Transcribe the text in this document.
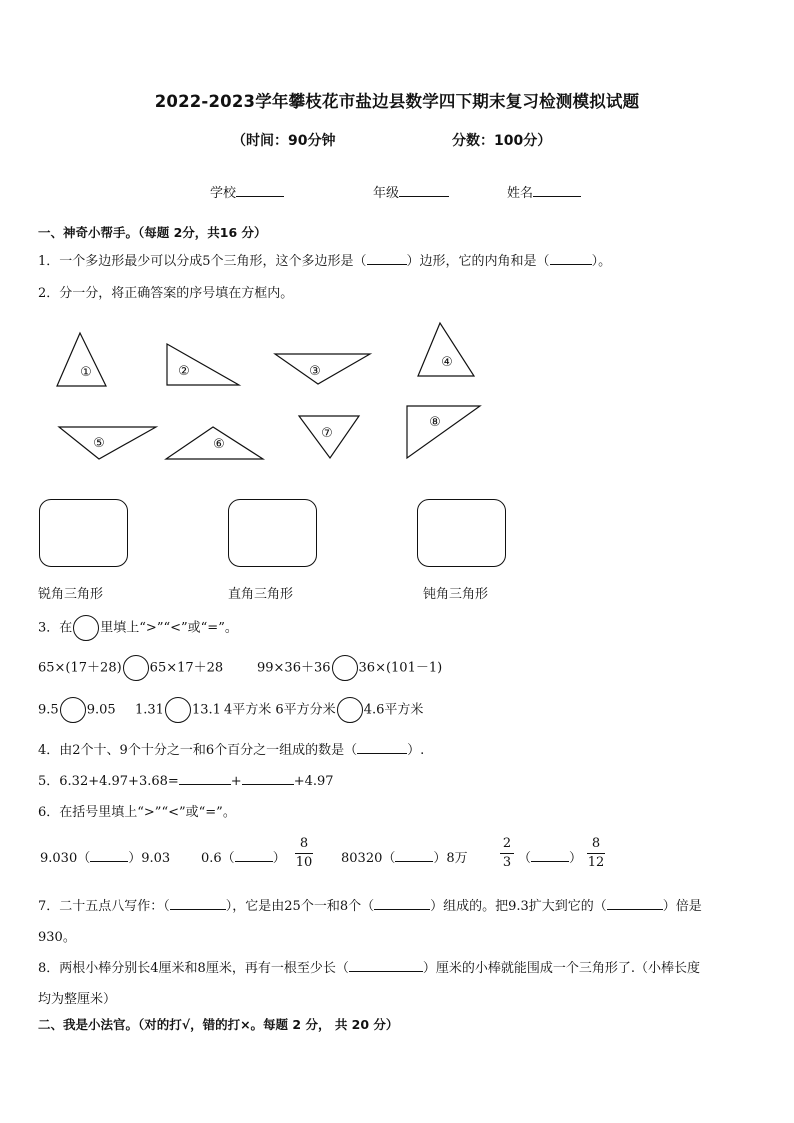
2022-2023学年攀枝花市盐边县数学四下期末复习检测模拟试题
（时间：90分钟	分数：100分）
学校	年级	姓名
一、神奇小帮手。（每题 2分，共16 分）
1．一个多边形最少可以分成5个三角形，这个多边形是（	）边形，它的内角和是（	）。
2．分一分，将正确答案的序号填在方框内。
①	②	③
④
⑤	⑥
⑦
⑧
锐角三角形	直角三角形	钝角三角形
3．在 里填上“>”“<”或“=”。
65×(17＋28) 65×17＋28	99×36＋36 36×(101－1)
9.5 9.05 1.31 13.1 4平方米 6平方分米 4.6平方米
4．由2个十、9个十分之一和6个百分之一组成的数是（	）.
5．6.32+4.97+3.68=	+	+4.97
6．在括号里填上“>”“<”或“=”。
9.030（	）9.03 0.6（	）
8
10 80320（	）8万
2
3 （	）
8
12
7．二十五点八写作：（	），它是由25个一和8个（	）组成的。把9.3扩大到它的（	）倍是
930。
8．两根小棒分别长4厘米和8厘米，再有一根至少长（	）厘米的小棒就能围成一个三角形了.（小棒长度
均为整厘米）
二、我是小法官。（对的打√，错的打×。每题 2 分， 共 20 分）
